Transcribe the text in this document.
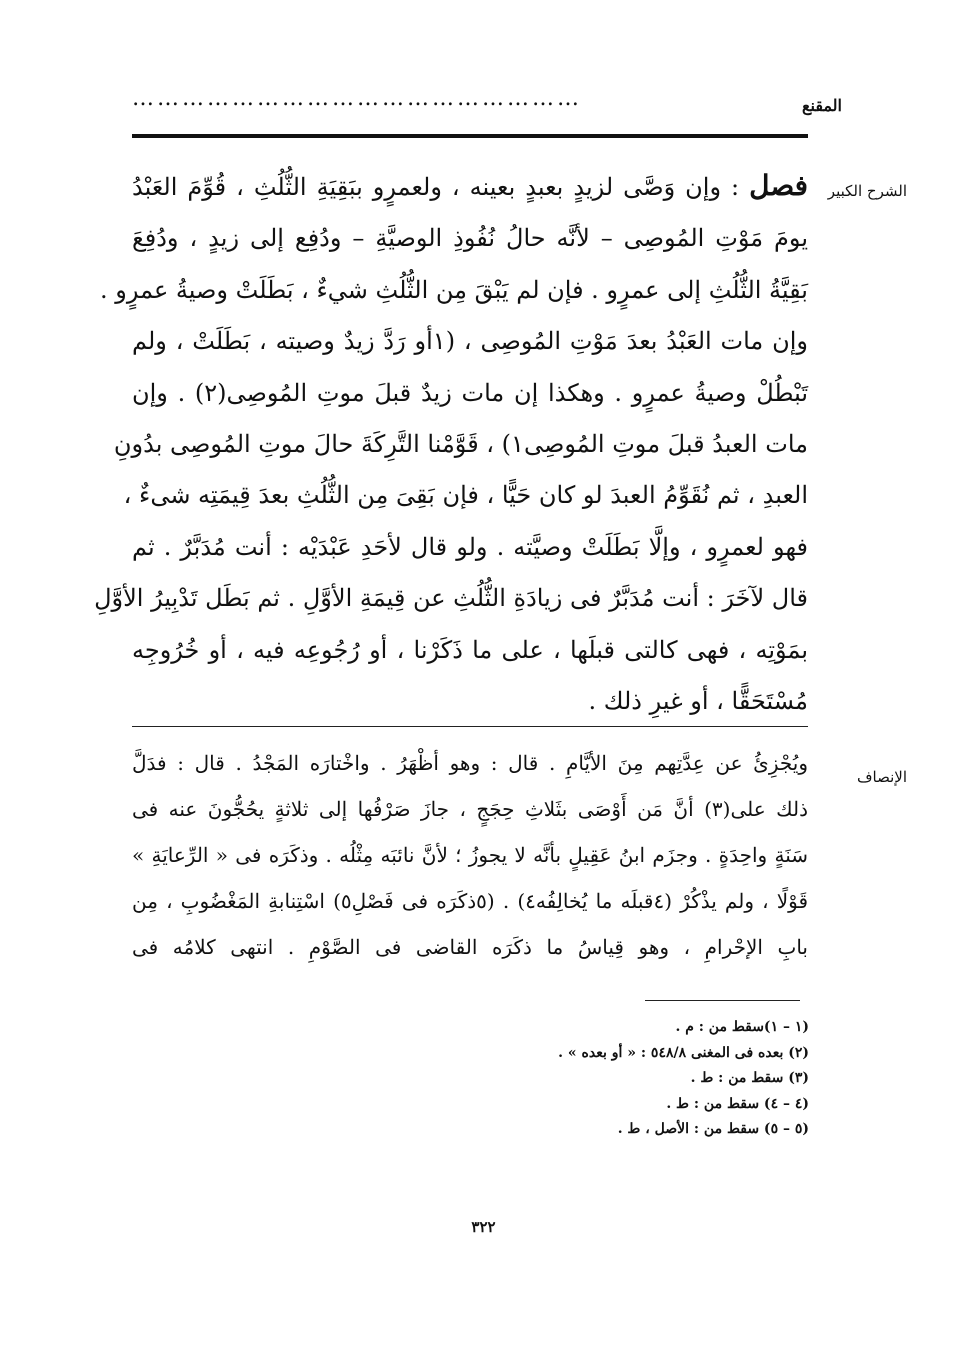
المقنع
………………………………………………
الشرح الكبير
فصل : وإن وَصَّى لزيدٍ بعبدٍ بعينه ، ولعمرٍو ببَقِيَةِ الثُّلُثِ ، قُوِّمَ العَبْدُ
يومَ مَوْتِ المُوصِى – لأنَّه حالُ نُفُوذِ الوصيَّةِ – ودُفِع إلى زيدٍ ، ودُفِعَ
بَقِيَّةُ الثُّلُثِ إلى عمرٍو . فإن لم يَبْقَ مِن الثُّلُثِ شيءٌ ، بَطَلَتْ وصيةُ عمرٍو .
وإن مات العَبْدُ بعدَ مَوْتِ المُوصِى ، (١أو رَدَّ زيدٌ وصيته ، بَطَلَتْ ، ولم
تَبْطُلْ وصيةُ عمرٍو . وهكذا إن مات زيدٌ قبلَ موتِ المُوصِى(٢) . وإن
مات العبدُ قبلَ موتِ المُوصِى١) ، قَوَّمْنا التَّرِكَةَ حالَ موتِ المُوصِى بدُونِ
العبدِ ، ثم نُقَوِّمُ العبدَ لو كان حَيًّا ، فإن بَقِىَ مِن الثُّلُثِ بعدَ قِيمَتِه شىءٌ ،
فهو لعمرٍو ، وإلَّا بَطَلَتْ وصيَّته . ولو قال لأحَدِ عَبْدَيْه : أنت مُدَبَّرٌ . ثم
قال لآخَرَ : أنت مُدَبَّرٌ فى زيادَةِ الثُّلُثِ عن قِيمَةِ الأوَّلِ . ثم بَطَل تَدْبِيرُ الأوَّلِ
بمَوْتِه ، فهى كالتى قبلَها ، على ما ذَكَرْنا ، أو رُجُوعِه فيه ، أو خُرُوجِه
مُسْتَحَقًّا ، أو غيرِ ذلك .
الإنصاف
ويُجْزِئُ عن عِدَّتِهم مِنَ الأيَّامِ . قال : وهو أظْهَرُ . واخْتارَه المَجْدُ . قال : فدَلَّ
ذلك على(٣) أنَّ مَن أَوْصَى بثَلاثِ حِجَجٍ ، جازَ صَرْفُها إلى ثلاثةٍ يحُجُّونَ عنه فى
سَنَةٍ واحِدَةٍ . وجزَم ابنُ عَقِيلٍ بأنَّه لا يجوزُ ؛ لأنَّ نائبَه مِثْلُه . وذكَرَه فى « الرِّعايَةِ »
قَوْلًا ، ولم يذْكُرْ (٤قبلَه ما يُخالِفُه٤) . (٥ذكَرَه فى فَصْلِ٥) اسْتِنابةِ المَغْضُوبِ ، مِن
بابِ الإحْرامِ ، وهو قِياسُ ما ذكَرَه القاضى فى الصَّوْمِ . انتهى كلامُه فى
(١ – ١)سقط من : م .
(٢) بعده فى المغنى ٥٤٨/٨ : « أو بعده » .
(٣) سقط من : ط .
(٤ – ٤) سقط من : ط .
(٥ – ٥) سقط من : الأصل ، ط .
٣٢٢
